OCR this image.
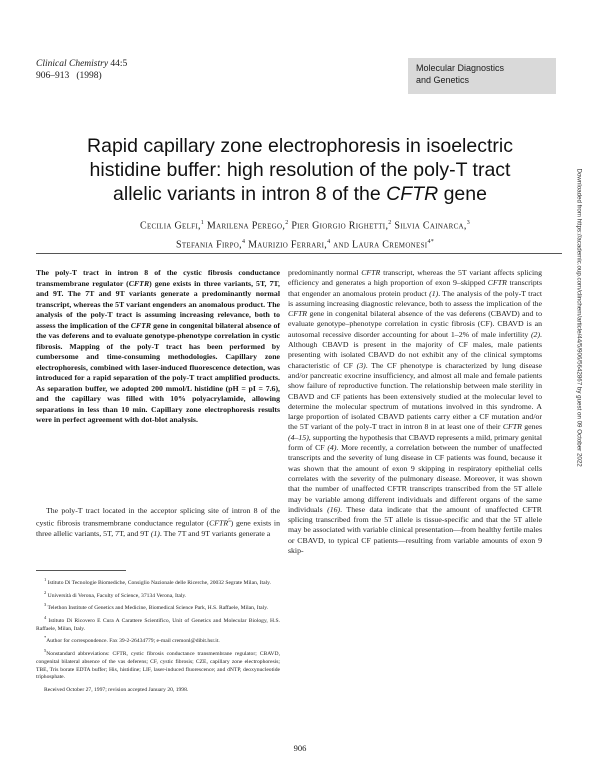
Clinical Chemistry 44:5
906–913 (1998)
Molecular Diagnostics
and Genetics
Rapid capillary zone electrophoresis in isoelectric
histidine buffer: high resolution of the poly-T tract
allelic variants in intron 8 of the CFTR gene
Cecilia Gelfi,$^1$ Marilena Perego,$^2$ Pier Giorgio Righetti,$^2$ Silvia Cainarca,$^3$
Stefania Firpo,$^4$ Maurizio Ferrari,$^4$ and Laura Cremonesi$^{4*}$
The poly-T tract in intron 8 of the cystic fibrosis conductance transmembrane regulator (CFTR) gene exists in three variants, 5T, 7T, and 9T. The 7T and 9T variants generate a predominantly normal transcript, whereas the 5T variant engenders an anomalous product. The analysis of the poly-T tract is assuming increasing relevance, both to assess the implication of the CFTR gene in congenital bilateral absence of the vas deferens and to evaluate genotype-phenotype correlation in cystic fibrosis. Mapping of the poly-T tract has been performed by cumbersome and time-consuming methodologies. Capillary zone electrophoresis, combined with laser-induced fluorescence detection, was introduced for a rapid separation of the poly-T tract amplified products. As separation buffer, we adopted 200 mmol/L histidine (pH = pI = 7.6), and the capillary was filled with 10% polyacrylamide, allowing separations in less than 10 min. Capillary zone electrophoresis results were in perfect agreement with dot-blot analysis.
The poly-T tract located in the acceptor splicing site of intron 8 of the cystic fibrosis transmembrane conductance regulator (CFTR$^5$) gene exists in three allelic variants, 5T, 7T, and 9T (1). The 7T and 9T variants generate a

$^1$ Istituto Di Tecnologie Biomediche, Consiglio Nazionale delle Ricerche, 20032 Segrate Milan, Italy.

$^2$ Università di Verona, Faculty of Science, 37134 Verona, Italy.

$^3$ Telethon Institute of Genetics and Medicine, Biomedical Science Park, H.S. Raffaele, Milan, Italy.

$^4$ Istituto Di Ricovero E Cura A Carattere Scientifico, Unit of Genetics and Molecular Biology, H.S. Raffaele, Milan, Italy.

*Author for correspondence. Fax 39-2-26434779; e-mail cremonl@dibit.hsr.it.

$^5$Nonstandard abbreviations: CFTR, cystic fibrosis conductance transmembrane regulator; CBAVD, congenital bilateral absence of the vas deferens; CF, cystic fibrosis; CZE, capillary zone electrophoresis; TBE, Tris borate EDTA buffer; His, histidine; LIF, laser-induced fluorescence; and dNTP, deoxynucleotide triphosphate.

Received October 27, 1997; revision accepted January 20, 1998.

predominantly normal CFTR transcript, whereas the 5T variant affects splicing efficiency and generates a high proportion of exon 9–skipped CFTR transcripts that engender an anomalous protein product (1). The analysis of the poly-T tract is assuming increasing diagnostic relevance, both to assess the implication of the CFTR gene in congenital bilateral absence of the vas deferens (CBAVD) and to evaluate genotype–phenotype correlation in cystic fibrosis (CF). CBAVD is an autosomal recessive disorder accounting for about 1–2% of male infertility (2). Although CBAVD is present in the majority of CF males, male patients presenting with isolated CBAVD do not exhibit any of the clinical symptoms characteristic of CF (3). The CF phenotype is characterized by lung disease and/or pancreatic exocrine insufficiency, and almost all male and female patients show failure of reproductive function. The relationship between male sterility in CBAVD and CF patients has been extensively studied at the molecular level to determine the molecular spectrum of mutations involved in this syndrome. A large proportion of isolated CBAVD patients carry either a CF mutation and/or the 5T variant of the poly-T tract in intron 8 in at least one of their CFTR genes (4–15), supporting the hypothesis that CBAVD represents a mild, primary genital form of CF (4). More recently, a correlation between the number of unaffected transcripts and the severity of lung disease in CF patients was found, because it was shown that the amount of exon 9 skipping in respiratory epithelial cells correlates with the severity of the pulmonary disease. Moreover, it was shown that the number of unaffected CFTR transcripts transcribed from the 5T allele may be variable among different individuals and different organs of the same individuals (16). These data indicate that the amount of unaffected CFTR splicing transcribed from the 5T allele is tissue-specific and that the 5T allele may be associated with variable clinical presentation—from healthy fertile males or CBAVD, to typical CF patients—resulting from variable amounts of exon 9 skip-
906
Downloaded from https://academic.oup.com/clinchem/article/44/5/906/5642867 by guest on 09 October 2022
